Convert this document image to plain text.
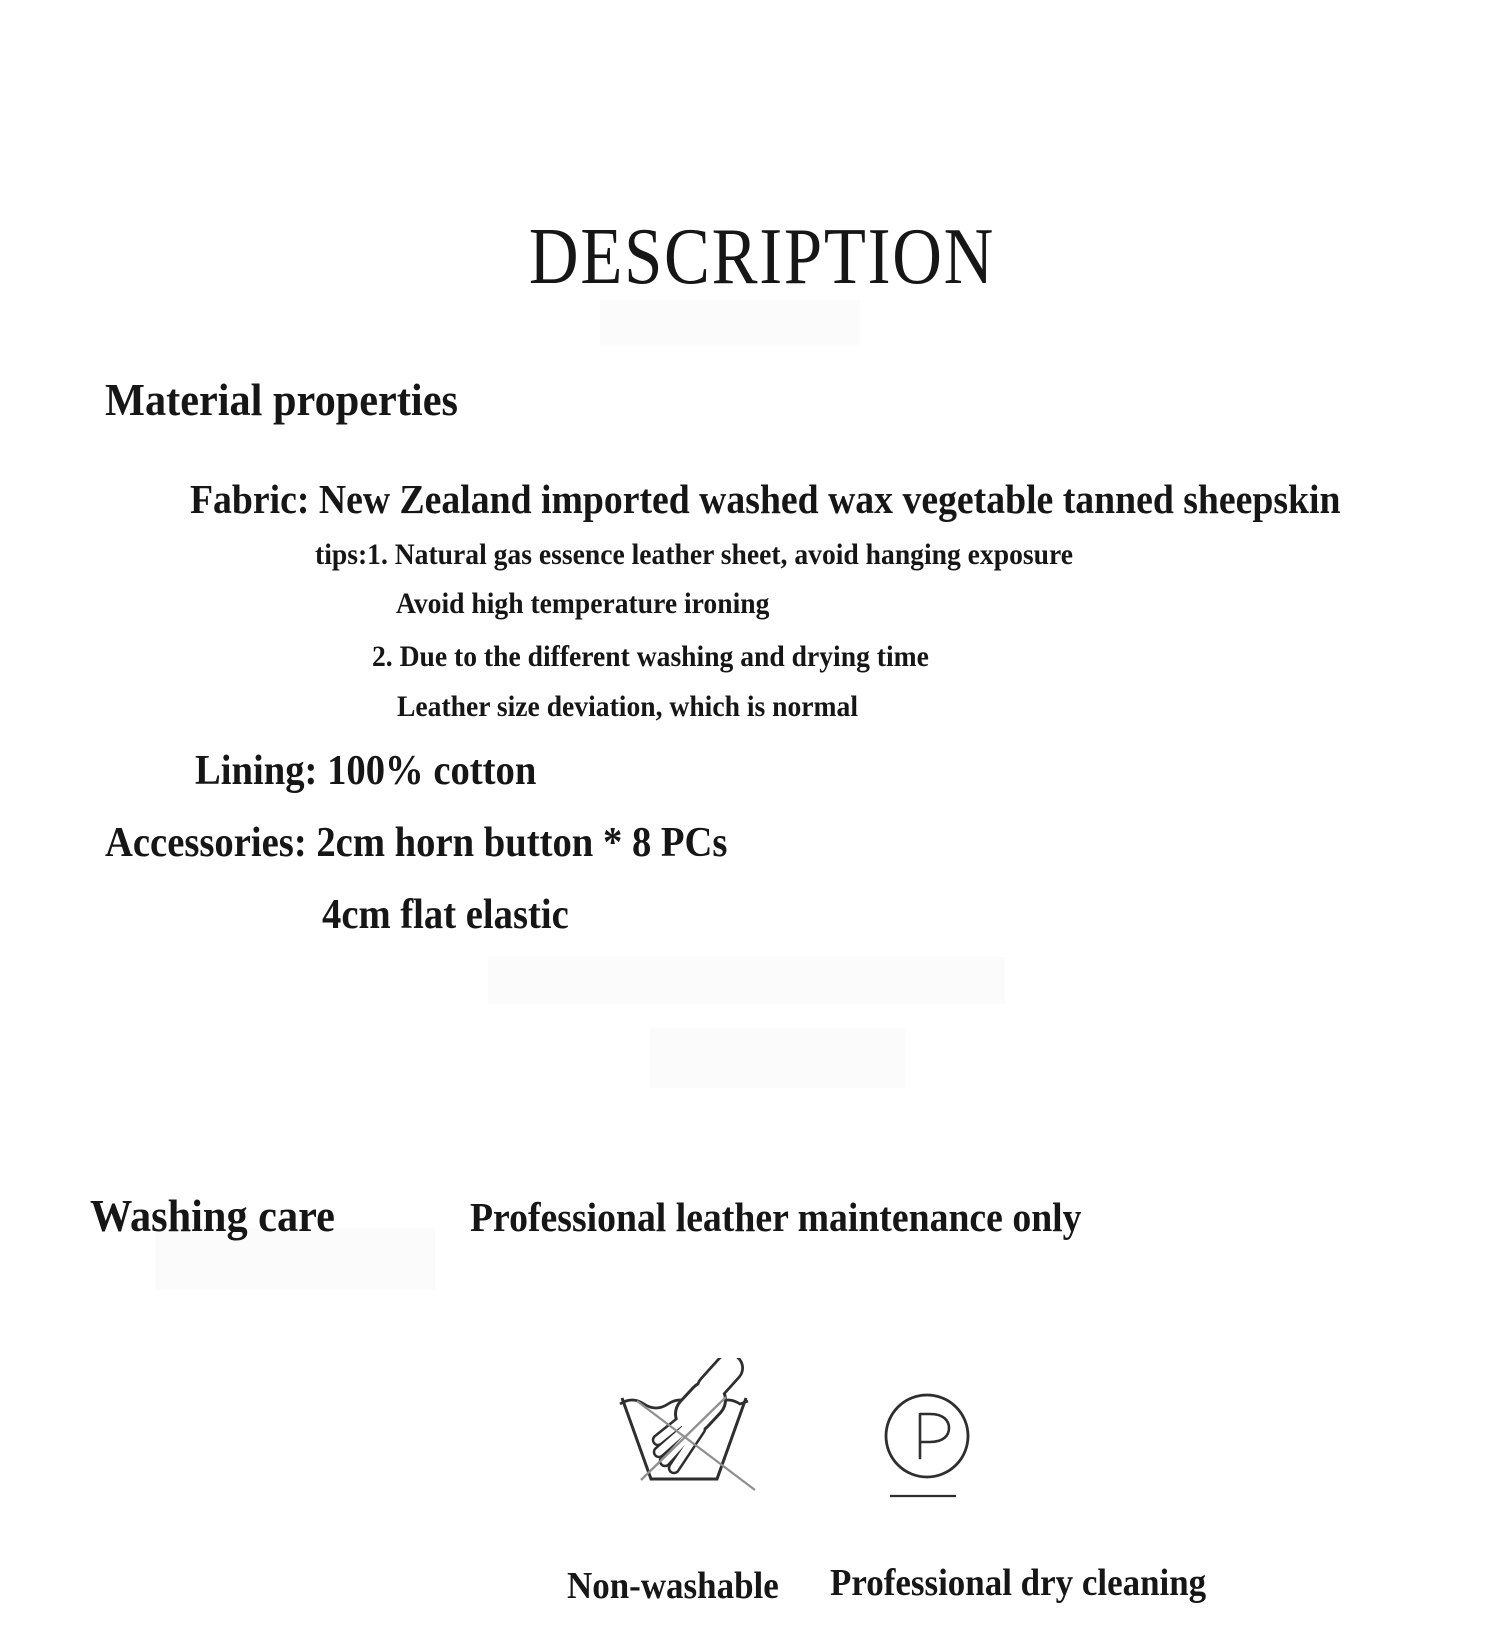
DESCRIPTION
Material properties
Fabric: New Zealand imported washed wax vegetable tanned sheepskin
tips:1. Natural gas essence leather sheet, avoid hanging exposure
Avoid high temperature ironing
2. Due to the different washing and drying time
Leather size deviation, which is normal
Lining: 100% cotton
Accessories: 2cm horn button * 8 PCs
4cm flat elastic
Washing care	Professional leather maintenance only
Non-washable Professional dry cleaning
